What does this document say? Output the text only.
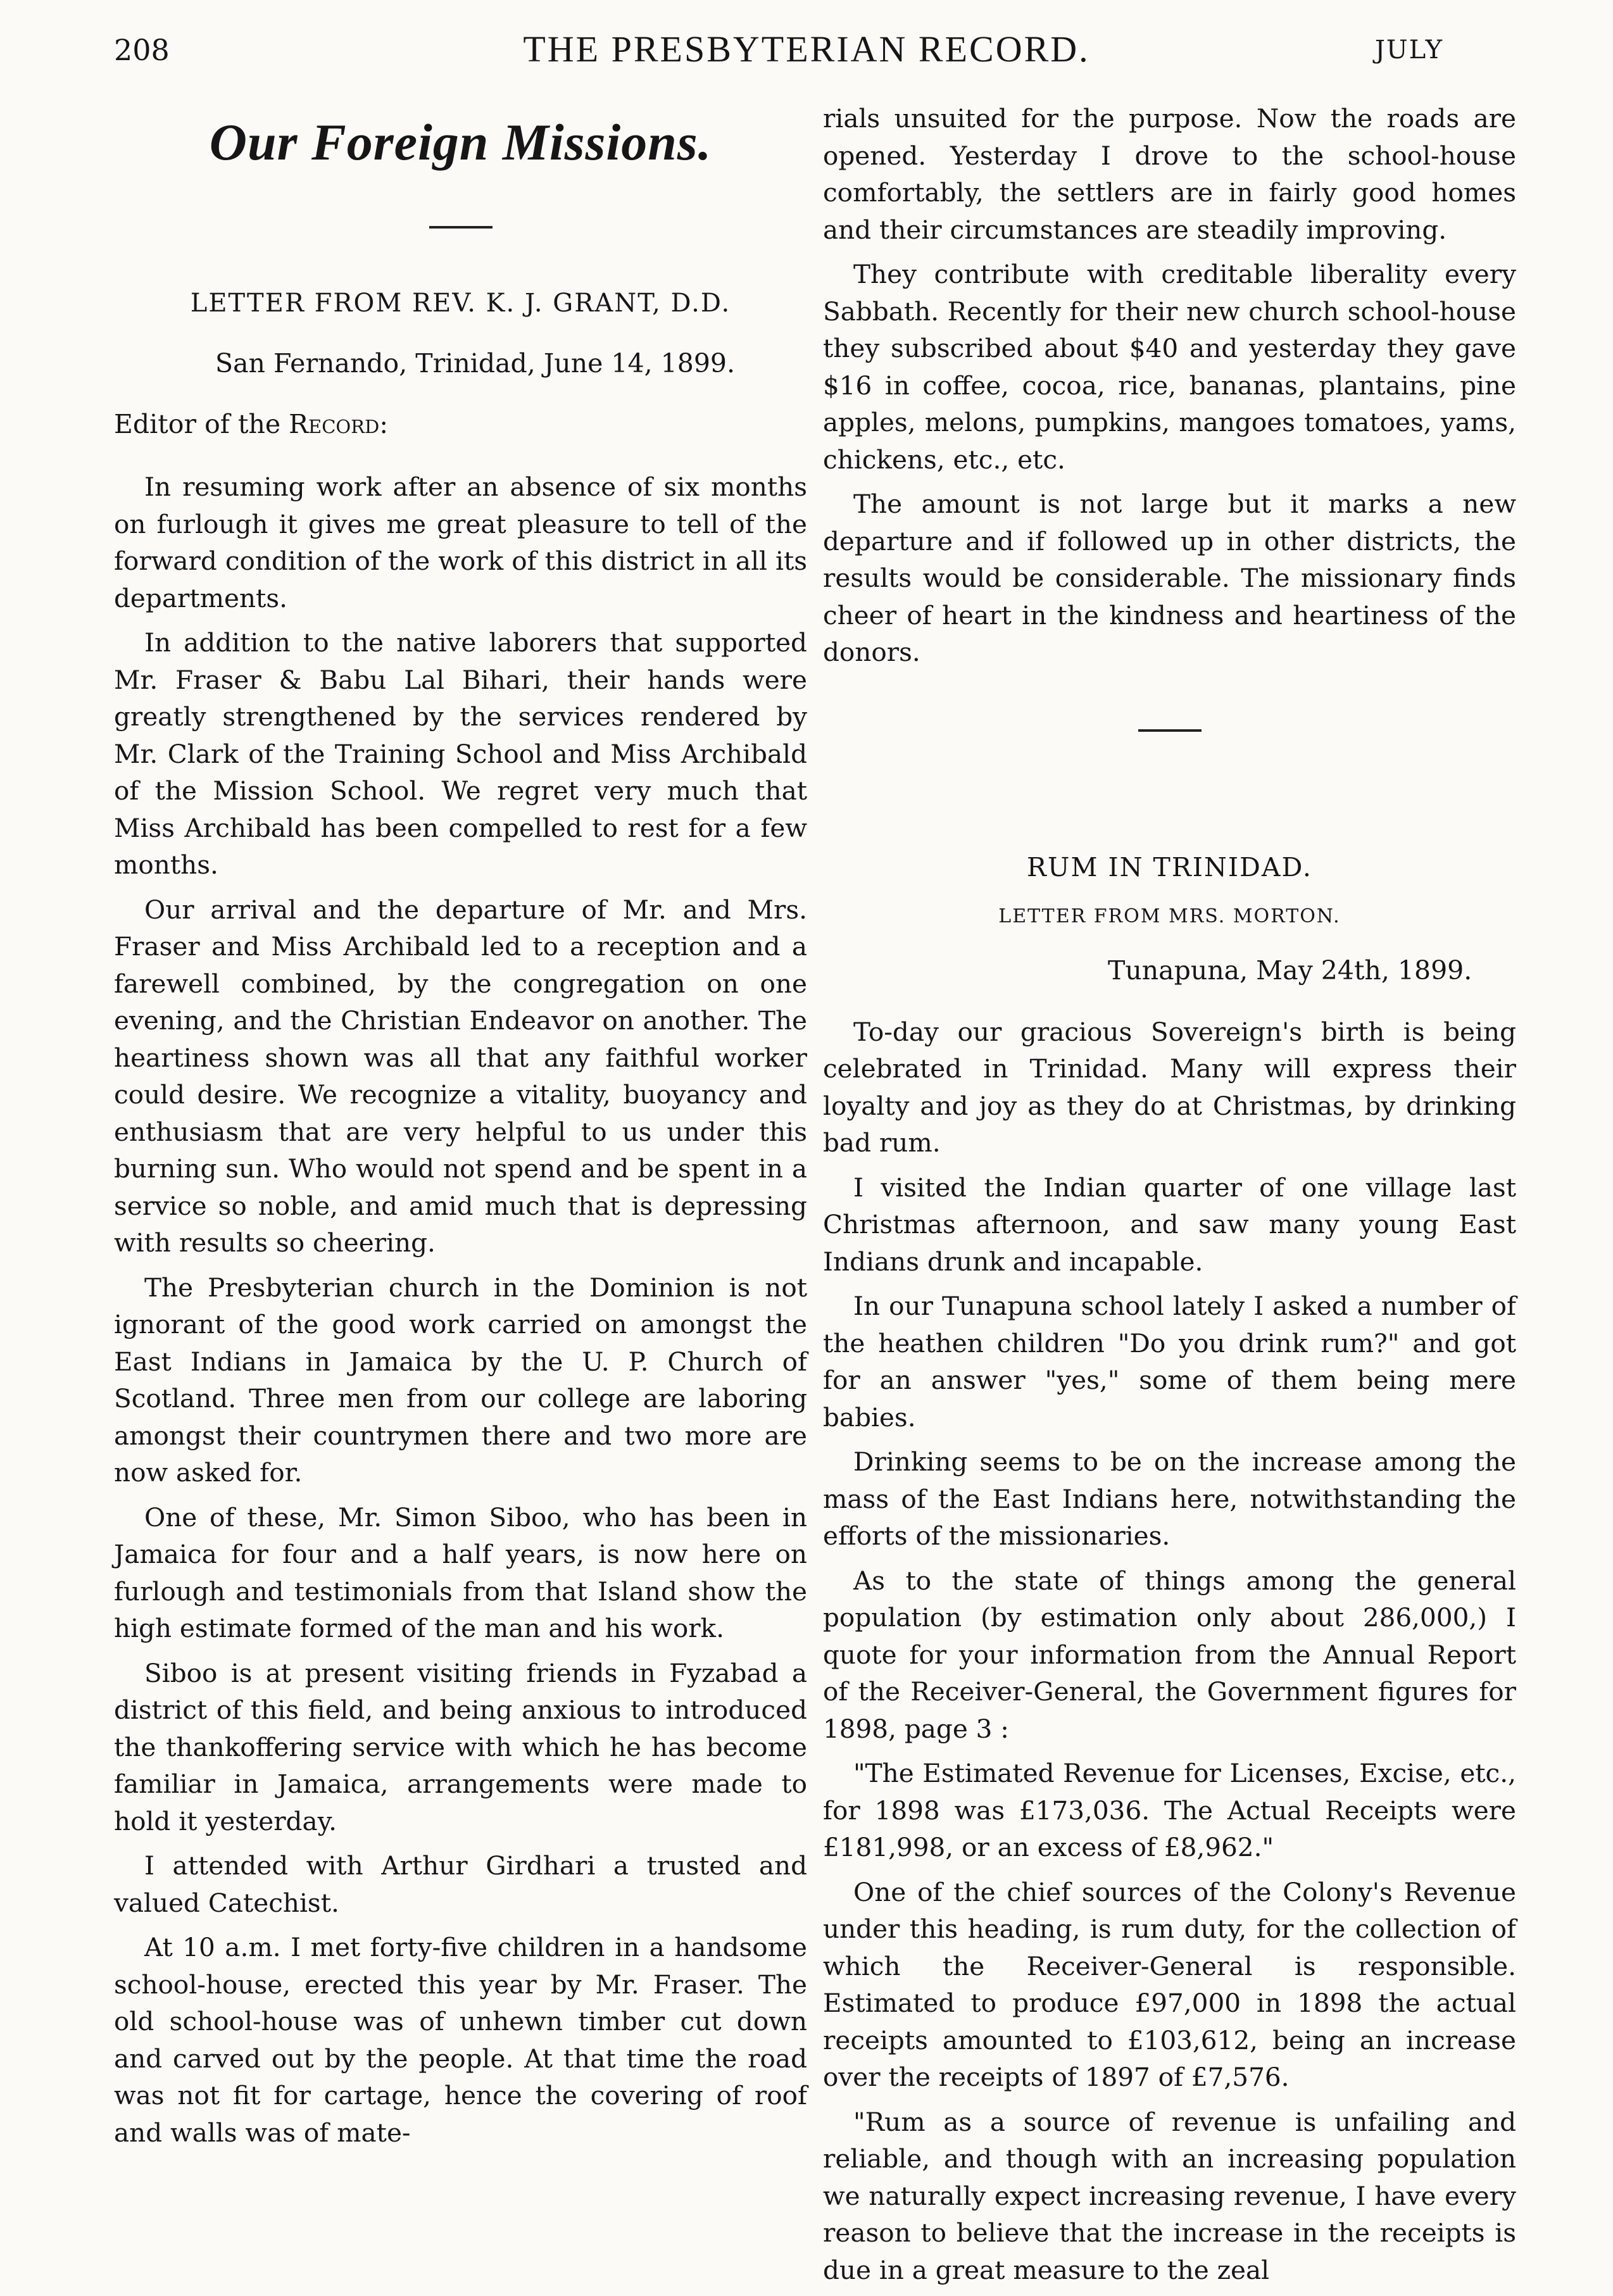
208	THE PRESBYTERIAN RECORD.	JULY
Our Foreign Missions.
LETTER FROM REV. K. J. GRANT, D.D.
San Fernando, Trinidad, June 14, 1899.
Editor of the Record:

In resuming work after an absence of six months on furlough it gives me great pleasure to tell of the forward condition of the work of this district in all its departments.

In addition to the native laborers that supported Mr. Fraser & Babu Lal Bihari, their hands were greatly strengthened by the services rendered by Mr. Clark of the Training School and Miss Archibald of the Mission School. We regret very much that Miss Archibald has been compelled to rest for a few months.

Our arrival and the departure of Mr. and Mrs. Fraser and Miss Archibald led to a reception and a farewell combined, by the congregation on one evening, and the Christian Endeavor on another. The heartiness shown was all that any faithful worker could desire. We recognize a vitality, buoyancy and enthusiasm that are very helpful to us under this burning sun. Who would not spend and be spent in a service so noble, and amid much that is depressing with results so cheering.

The Presbyterian church in the Dominion is not ignorant of the good work carried on amongst the East Indians in Jamaica by the U. P. Church of Scotland. Three men from our college are laboring amongst their countrymen there and two more are now asked for.

One of these, Mr. Simon Siboo, who has been in Jamaica for four and a half years, is now here on furlough and testimonials from that Island show the high estimate formed of the man and his work.

Siboo is at present visiting friends in Fyzabad a district of this field, and being anxious to introduced the thankoffering service with which he has become familiar in Jamaica, arrangements were made to hold it yesterday.

I attended with Arthur Girdhari a trusted and valued Catechist.

At 10 a.m. I met forty-five children in a handsome school-house, erected this year by Mr. Fraser. The old school-house was of unhewn timber cut down and carved out by the people. At that time the road was not fit for cartage, hence the covering of roof and walls was of mate-

rials unsuited for the purpose. Now the roads are opened. Yesterday I drove to the school-house comfortably, the settlers are in fairly good homes and their circumstances are steadily improving.

They contribute with creditable liberality every Sabbath. Recently for their new church school-house they subscribed about $40 and yesterday they gave $16 in coffee, cocoa, rice, bananas, plantains, pine apples, melons, pumpkins, mangoes tomatoes, yams, chickens, etc., etc.

The amount is not large but it marks a new departure and if followed up in other districts, the results would be considerable. The missionary finds cheer of heart in the kindness and heartiness of the donors.

RUM IN TRINIDAD.
LETTER FROM MRS. MORTON.
Tunapuna, May 24th, 1899.

To-day our gracious Sovereign's birth is being celebrated in Trinidad. Many will express their loyalty and joy as they do at Christmas, by drinking bad rum.

I visited the Indian quarter of one village last Christmas afternoon, and saw many young East Indians drunk and incapable.

In our Tunapuna school lately I asked a number of the heathen children "Do you drink rum?" and got for an answer "yes," some of them being mere babies.

Drinking seems to be on the increase among the mass of the East Indians here, notwithstanding the efforts of the missionaries.

As to the state of things among the general population (by estimation only about 286,000,) I quote for your information from the Annual Report of the Receiver-General, the Government figures for 1898, page 3 :

"The Estimated Revenue for Licenses, Excise, etc., for 1898 was £173,036. The Actual Receipts were £181,998, or an excess of £8,962."

One of the chief sources of the Colony's Revenue under this heading, is rum duty, for the collection of which the Receiver-General is responsible. Estimated to produce £97,000 in 1898 the actual receipts amounted to £103,612, being an increase over the receipts of 1897 of £7,576.

"Rum as a source of revenue is unfailing and reliable, and though with an increasing population we naturally expect increasing revenue, I have every reason to believe that the increase in the receipts is due in a great measure to the zeal
